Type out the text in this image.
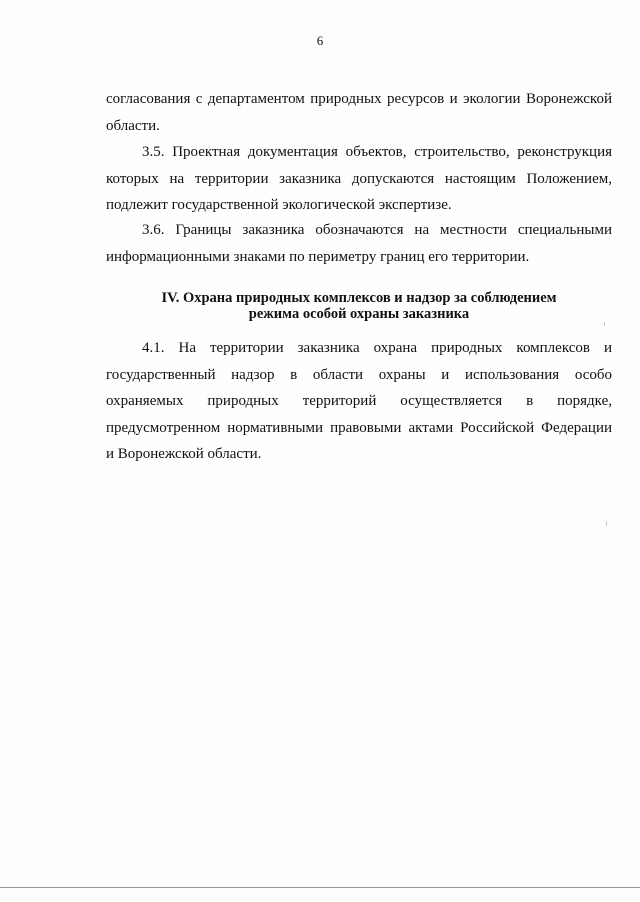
6

согласования с департаментом природных ресурсов и экологии Воронежской

области.

3.5. Проектная документация объектов, строительство, реконструкция которых на территории заказника допускаются настоящим Положением, подлежит государственной экологической экспертизе.

3.6. Границы заказника обозначаются на местности специальными информационными знаками по периметру границ его территории.

IV. Охрана природных комплексов и надзор за соблюдением
режима особой охраны заказника
4.1. На территории заказника охрана природных комплексов и
государственный надзор в области охраны и использования особо
охраняемых природных территорий осуществляется в порядке,
предусмотренном нормативными правовыми актами Российской Федерации
и Воронежской области.
